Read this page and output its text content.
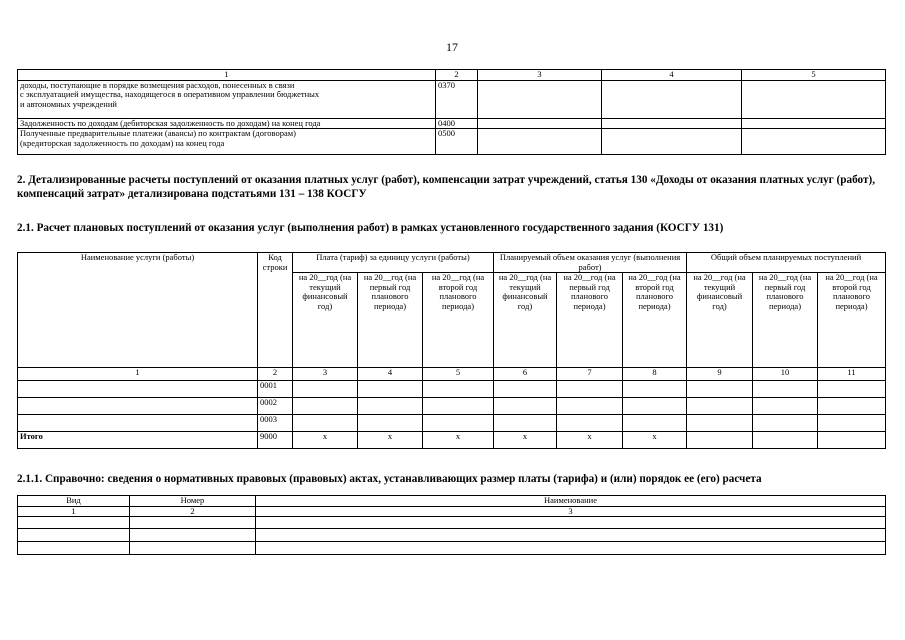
17
1	2	3	4	5
доходы, поступающие в порядке возмещения расходов, понесенных в связи
с эксплуатацией имущества, находящегося в оперативном управлении бюджетных
и автономных учреждений	0370			
Задолженность по доходам (дебиторская задолженность по доходам) на конец года	0400			
Полученные предварительные платежи (авансы) по контрактам (договорам)
(кредиторская задолженность по доходам) на конец года	0500			
2. Детализированные расчеты поступлений от оказания платных услуг (работ), компенсации затрат учреждений, статья 130 «Доходы от оказания платных услуг (работ), компенсаций затрат» детализирована подстатьями 131 – 138 КОСГУ
2.1. Расчет плановых поступлений от оказания услуг (выполнения работ) в рамках установленного государственного задания (КОСГУ 131)
Наименование услуги (работы)	Код строки	Плата (тариф) за единицу услуги (работы)			Планируемый объем оказания услуг (выполнения работ)			Общий объем планируемых поступлений		
		на 20__год (на текущий финансовый год)	на 20__год (на первый год планового периода)	на 20__год (на второй год планового периода)	на 20__год (на текущий финансовый год)	на 20__год (на первый год планового периода)	на 20__год (на второй год планового периода)	на 20__год (на текущий финансовый год)	на 20__год (на первый год планового периода)	на 20__год (на второй год планового периода)
1	2	3	4	5	6	7	8	9	10	11
	0001									
	0002									
	0003									
Итого	9000	х	х	х	х	х	х			
2.1.1. Справочно: сведения о нормативных правовых (правовых) актах, устанавливающих размер платы (тарифа) и (или) порядок ее (его) расчета
Вид	Номер	Наименование
1	2	3
